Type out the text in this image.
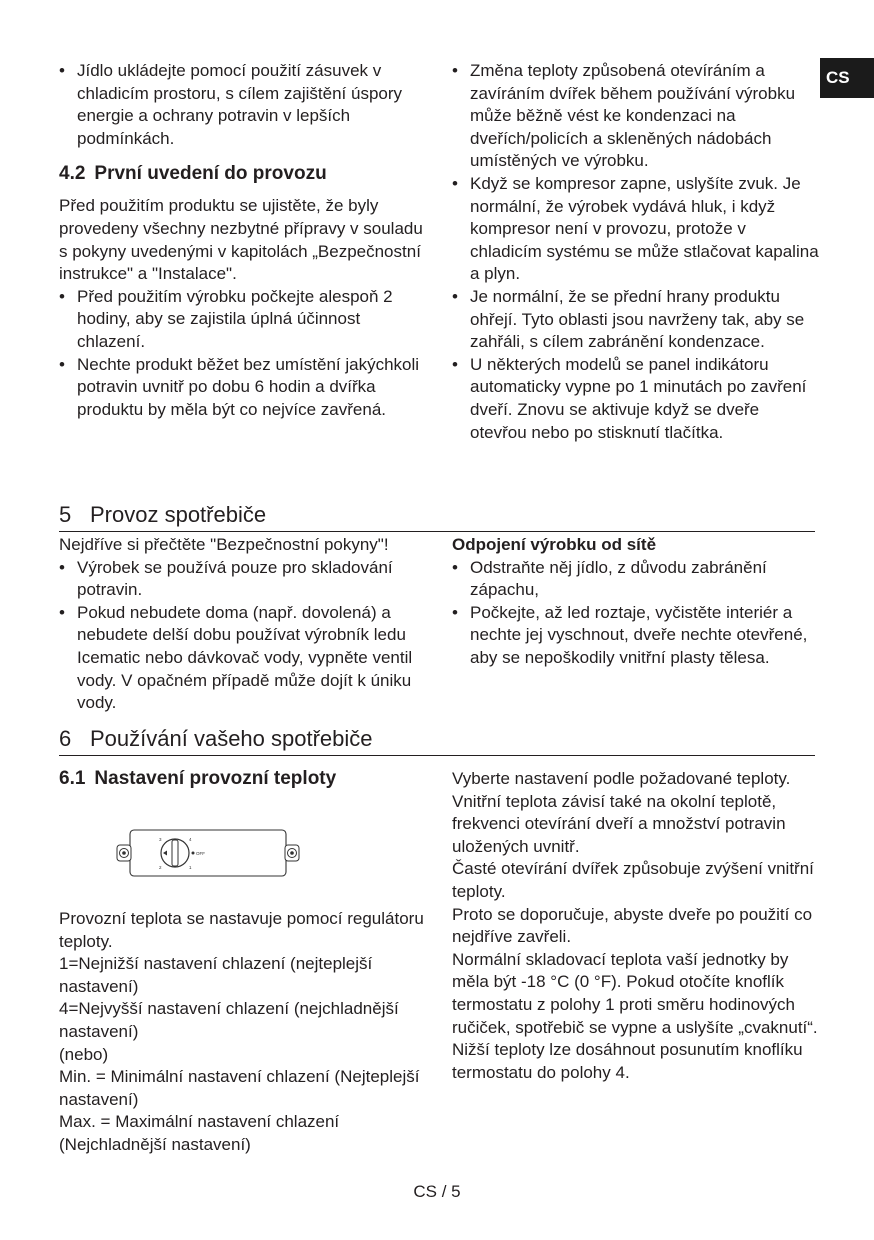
CS
• Jídlo ukládejte pomocí použití zásuvek v chladicím prostoru, s cílem zajištění úspory energie a ochrany potravin v lepších podmínkách.
4.2 První uvedení do provozu

Před použitím produktu se ujistěte, že byly provedeny všechny nezbytné přípravy v souladu s pokyny uvedenými v kapitolách „Bezpečnostní instrukce" a "Instalace".

• Před použitím výrobku počkejte alespoň 2 hodiny, aby se zajistila úplná účinnost chlazení.
• Nechte produkt běžet bez umístění jakýchkoli potravin uvnitř po dobu 6 hodin a dvířka produktu by měla být co nejvíce zavřená.
• Změna teploty způsobená otevíráním a zavíráním dvířek během používání výrobku může běžně vést ke kondenzaci na dveřích/policích a skleněných nádobách umístěných ve výrobku.
• Když se kompresor zapne, uslyšíte zvuk. Je normální, že výrobek vydává hluk, i když kompresor není v provozu, protože v chladicím systému se může stlačovat kapalina a plyn.
• Je normální, že se přední hrany produktu ohřejí. Tyto oblasti jsou navrženy tak, aby se zahřáli, s cílem zabránění kondenzace.
• U některých modelů se panel indikátoru automaticky vypne po 1 minutách po zavření dveří. Znovu se aktivuje když se dveře otevřou nebo po stisknutí tlačítka.
5 Provoz spotřebiče

Nejdříve si přečtěte "Bezpečnostní pokyny"!

• Výrobek se používá pouze pro skladování potravin.
• Pokud nebudete doma (např. dovolená) a nebudete delší dobu používat výrobník ledu Icematic nebo dávkovač vody, vypněte ventil vody. V opačném případě může dojít k úniku vody.

Odpojení výrobku od sítě

• Odstraňte něj jídlo, z důvodu zabránění zápachu,
• Počkejte, až led roztaje, vyčistěte interiér a nechte jej vyschnout, dveře nechte otevřené, aby se nepoškodily vnitřní plasty tělesa.
6 Používání vašeho spotřebiče
6.1 Nastavení provozní teploty
3	4
2	1
OFF

Provozní teplota se nastavuje pomocí regulátoru teploty.

1=Nejnižší nastavení chlazení (nejteplejší nastavení)

4=Nejvyšší nastavení chlazení (nejchladnější nastavení)

(nebo)

Min. = Minimální nastavení chlazení (Nejteplejší nastavení)

Max. = Maximální nastavení chlazení (Nejchladnější nastavení)

Vyberte nastavení podle požadované teploty.

Vnitřní teplota závisí také na okolní teplotě, frekvenci otevírání dveří a množství potravin uložených uvnitř.

Časté otevírání dvířek způsobuje zvýšení vnitřní teploty.

Proto se doporučuje, abyste dveře po použití co nejdříve zavřeli.

Normální skladovací teplota vaší jednotky by měla být -18 °C (0 °F). Pokud otočíte knoflík termostatu z polohy 1 proti směru hodinových ručiček, spotřebič se vypne a uslyšíte „cvaknutí“. Nižší teploty lze dosáhnout posunutím knoflíku termostatu do polohy 4.

CS / 5
